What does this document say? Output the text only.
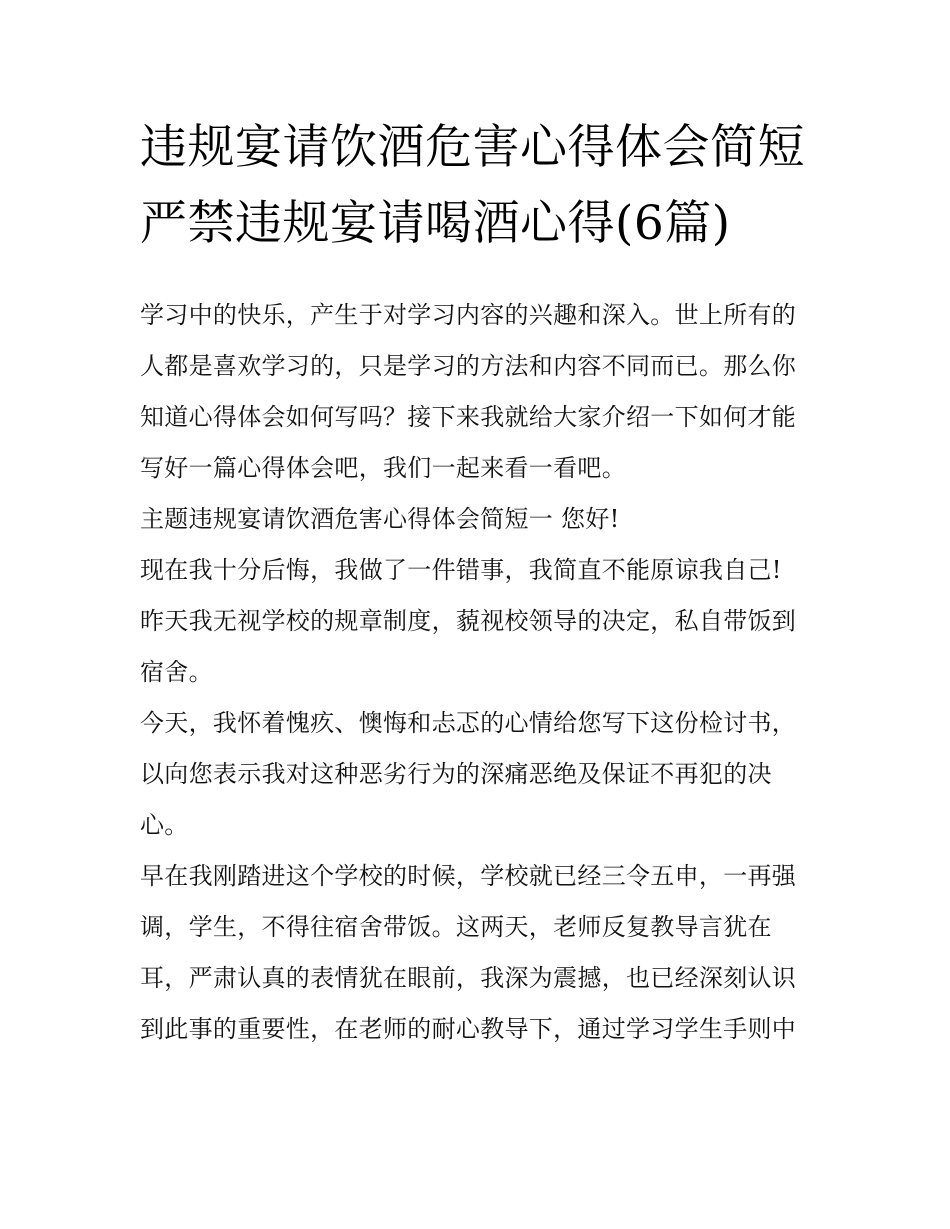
违规宴请饮酒危害心得体会简短 严禁违规宴请喝酒心得(6篇)

学习中的快乐，产生于对学习内容的兴趣和深入。世上所有的人都是喜欢学习的，只是学习的方法和内容不同而已。那么你知道心得体会如何写吗？接下来我就给大家介绍一下如何才能写好一篇心得体会吧，我们一起来看一看吧。

主题违规宴请饮酒危害心得体会简短一 您好!

现在我十分后悔，我做了一件错事，我简直不能原谅我自己!

昨天我无视学校的规章制度，藐视校领导的决定，私自带饭到宿舍。

今天，我怀着愧疚、懊悔和忐忑的心情给您写下这份检讨书，以向您表示我对这种恶劣行为的深痛恶绝及保证不再犯的决心。

早在我刚踏进这个学校的时候，学校就已经三令五申，一再强调，学生，不得往宿舍带饭。这两天，老师反复教导言犹在耳，严肃认真的表情犹在眼前，我深为震撼，也已经深刻认识到此事的重要性，在老师的耐心教导下，通过学习学生手则中
